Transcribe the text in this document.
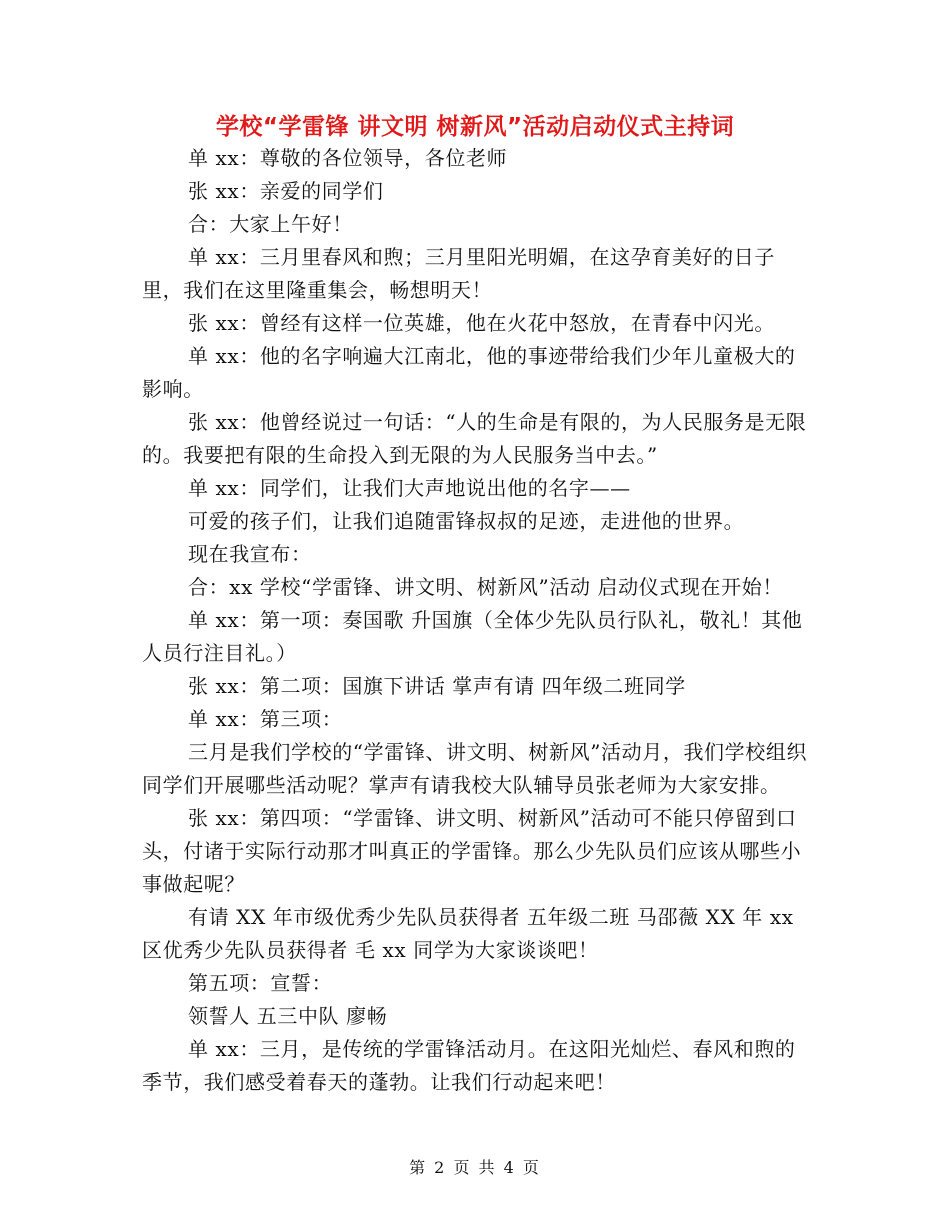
学校“学雷锋 讲文明 树新风”活动启动仪式主持词

单 xx：尊敬的各位领导，各位老师

张 xx：亲爱的同学们

合：大家上午好！

单 xx：三月里春风和煦；三月里阳光明媚，在这孕育美好的日子里，我们在这里隆重集会，畅想明天！

张 xx：曾经有这样一位英雄，他在火花中怒放，在青春中闪光。

单 xx：他的名字响遍大江南北，他的事迹带给我们少年儿童极大的影响。

张 xx：他曾经说过一句话：“人的生命是有限的，为人民服务是无限的。我要把有限的生命投入到无限的为人民服务当中去。”

单 xx：同学们，让我们大声地说出他的名字——

可爱的孩子们，让我们追随雷锋叔叔的足迹，走进他的世界。

现在我宣布：

合：xx 学校“学雷锋、讲文明、树新风”活动 启动仪式现在开始！

单 xx：第一项：奏国歌 升国旗（全体少先队员行队礼，敬礼！其他人员行注目礼。）

张 xx：第二项：国旗下讲话 掌声有请 四年级二班同学

单 xx：第三项：

三月是我们学校的“学雷锋、讲文明、树新风”活动月，我们学校组织同学们开展哪些活动呢？掌声有请我校大队辅导员张老师为大家安排。

张 xx：第四项：“学雷锋、讲文明、树新风”活动可不能只停留到口头，付诸于实际行动那才叫真正的学雷锋。那么少先队员们应该从哪些小事做起呢？

有请 XX 年市级优秀少先队员获得者 五年级二班 马邵薇 XX 年 xx 区优秀少先队员获得者 毛 xx 同学为大家谈谈吧！

第五项：宣誓：

领誓人 五三中队 廖畅

单 xx：三月，是传统的学雷锋活动月。在这阳光灿烂、春风和煦的季节，我们感受着春天的蓬勃。让我们行动起来吧！

第 2 页 共 4 页
